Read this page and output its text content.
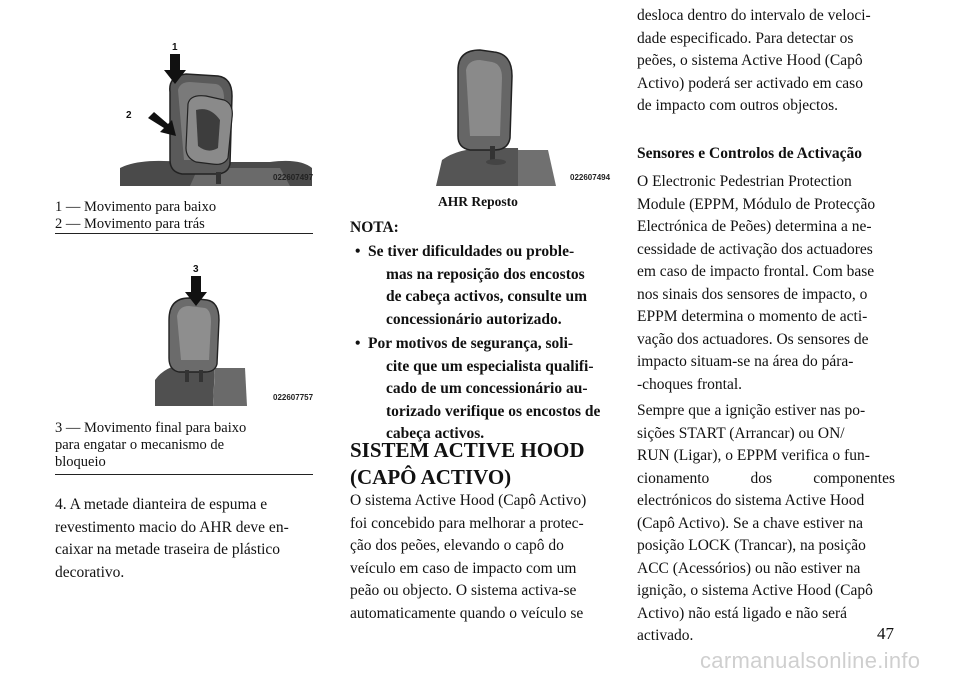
1
2
022607497
1 — Movimento para baixo
2 — Movimento para trás
3
022607757
3 — Movimento final para baixo
para engatar o mecanismo de
bloqueio
4. A metade dianteira de espuma e
revestimento macio do AHR deve en-
caixar na metade traseira de plástico
decorativo.
022607494
AHR Reposto
NOTA:
• Se tiver dificuldades ou proble-
mas na reposição dos encostos
de cabeça activos, consulte um
concessionário autorizado.
• Por motivos de segurança, soli-
cite que um especialista qualifi-
cado de um concessionário au-
torizado verifique os encostos de
cabeça activos.
SISTEM ACTIVE HOOD
(CAPÔ ACTIVO)
O sistema Active Hood (Capô Activo)
foi concebido para melhorar a protec-
ção dos peões, elevando o capô do
veículo em caso de impacto com um
peão ou objecto. O sistema activa-se
automaticamente quando o veículo se
desloca dentro do intervalo de veloci-
dade especificado. Para detectar os
peões, o sistema Active Hood (Capô
Activo) poderá ser activado em caso
de impacto com outros objectos.
Sensores e Controlos de Activação
O Electronic Pedestrian Protection
Module (EPPM, Módulo de Protecção
Electrónica de Peões) determina a ne-
cessidade de activação dos actuadores
em caso de impacto frontal. Com base
nos sinais dos sensores de impacto, o
EPPM determina o momento de acti-
vação dos actuadores. Os sensores de
impacto situam-se na área do pára-
-choques frontal.
Sempre que a ignição estiver nas po-
sições START (Arrancar) ou ON/
RUN (Ligar), o EPPM verifica o fun-
cionamento dos componentes
electrónicos do sistema Active Hood
(Capô Activo). Se a chave estiver na
posição LOCK (Trancar), na posição
ACC (Acessórios) ou não estiver na
ignição, o sistema Active Hood (Capô
Activo) não está ligado e não será
activado.	47
carmanualsonline.info
